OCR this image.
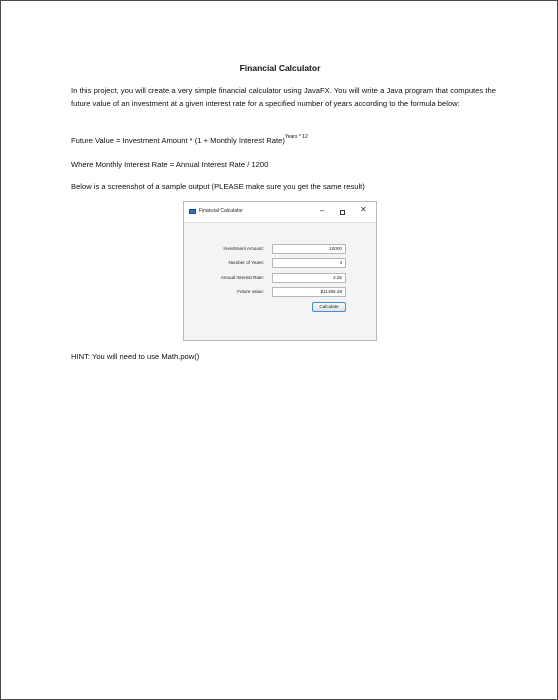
Financial Calculator
In this project, you will create a very simple financial calculator using JavaFX. You will write a Java program that computes the future value of an investment at a given interest rate for a specified number of years according to the formula below:
Future Value = Investment Amount * (1 + Monthly Interest Rate)$^{Years * 12}$
Where Monthly Interest Rate = Annual Interest Rate / 1200
Below is a screenshot of a sample output (PLEASE make sure you get the same result)
Financial Calculator	–	✕
Investment Amount:	10000
Number of Years:	4
Annual Interest Rate:	3.25
Future value:	$11386.28
Calculate
HINT: You will need to use Math.pow()
